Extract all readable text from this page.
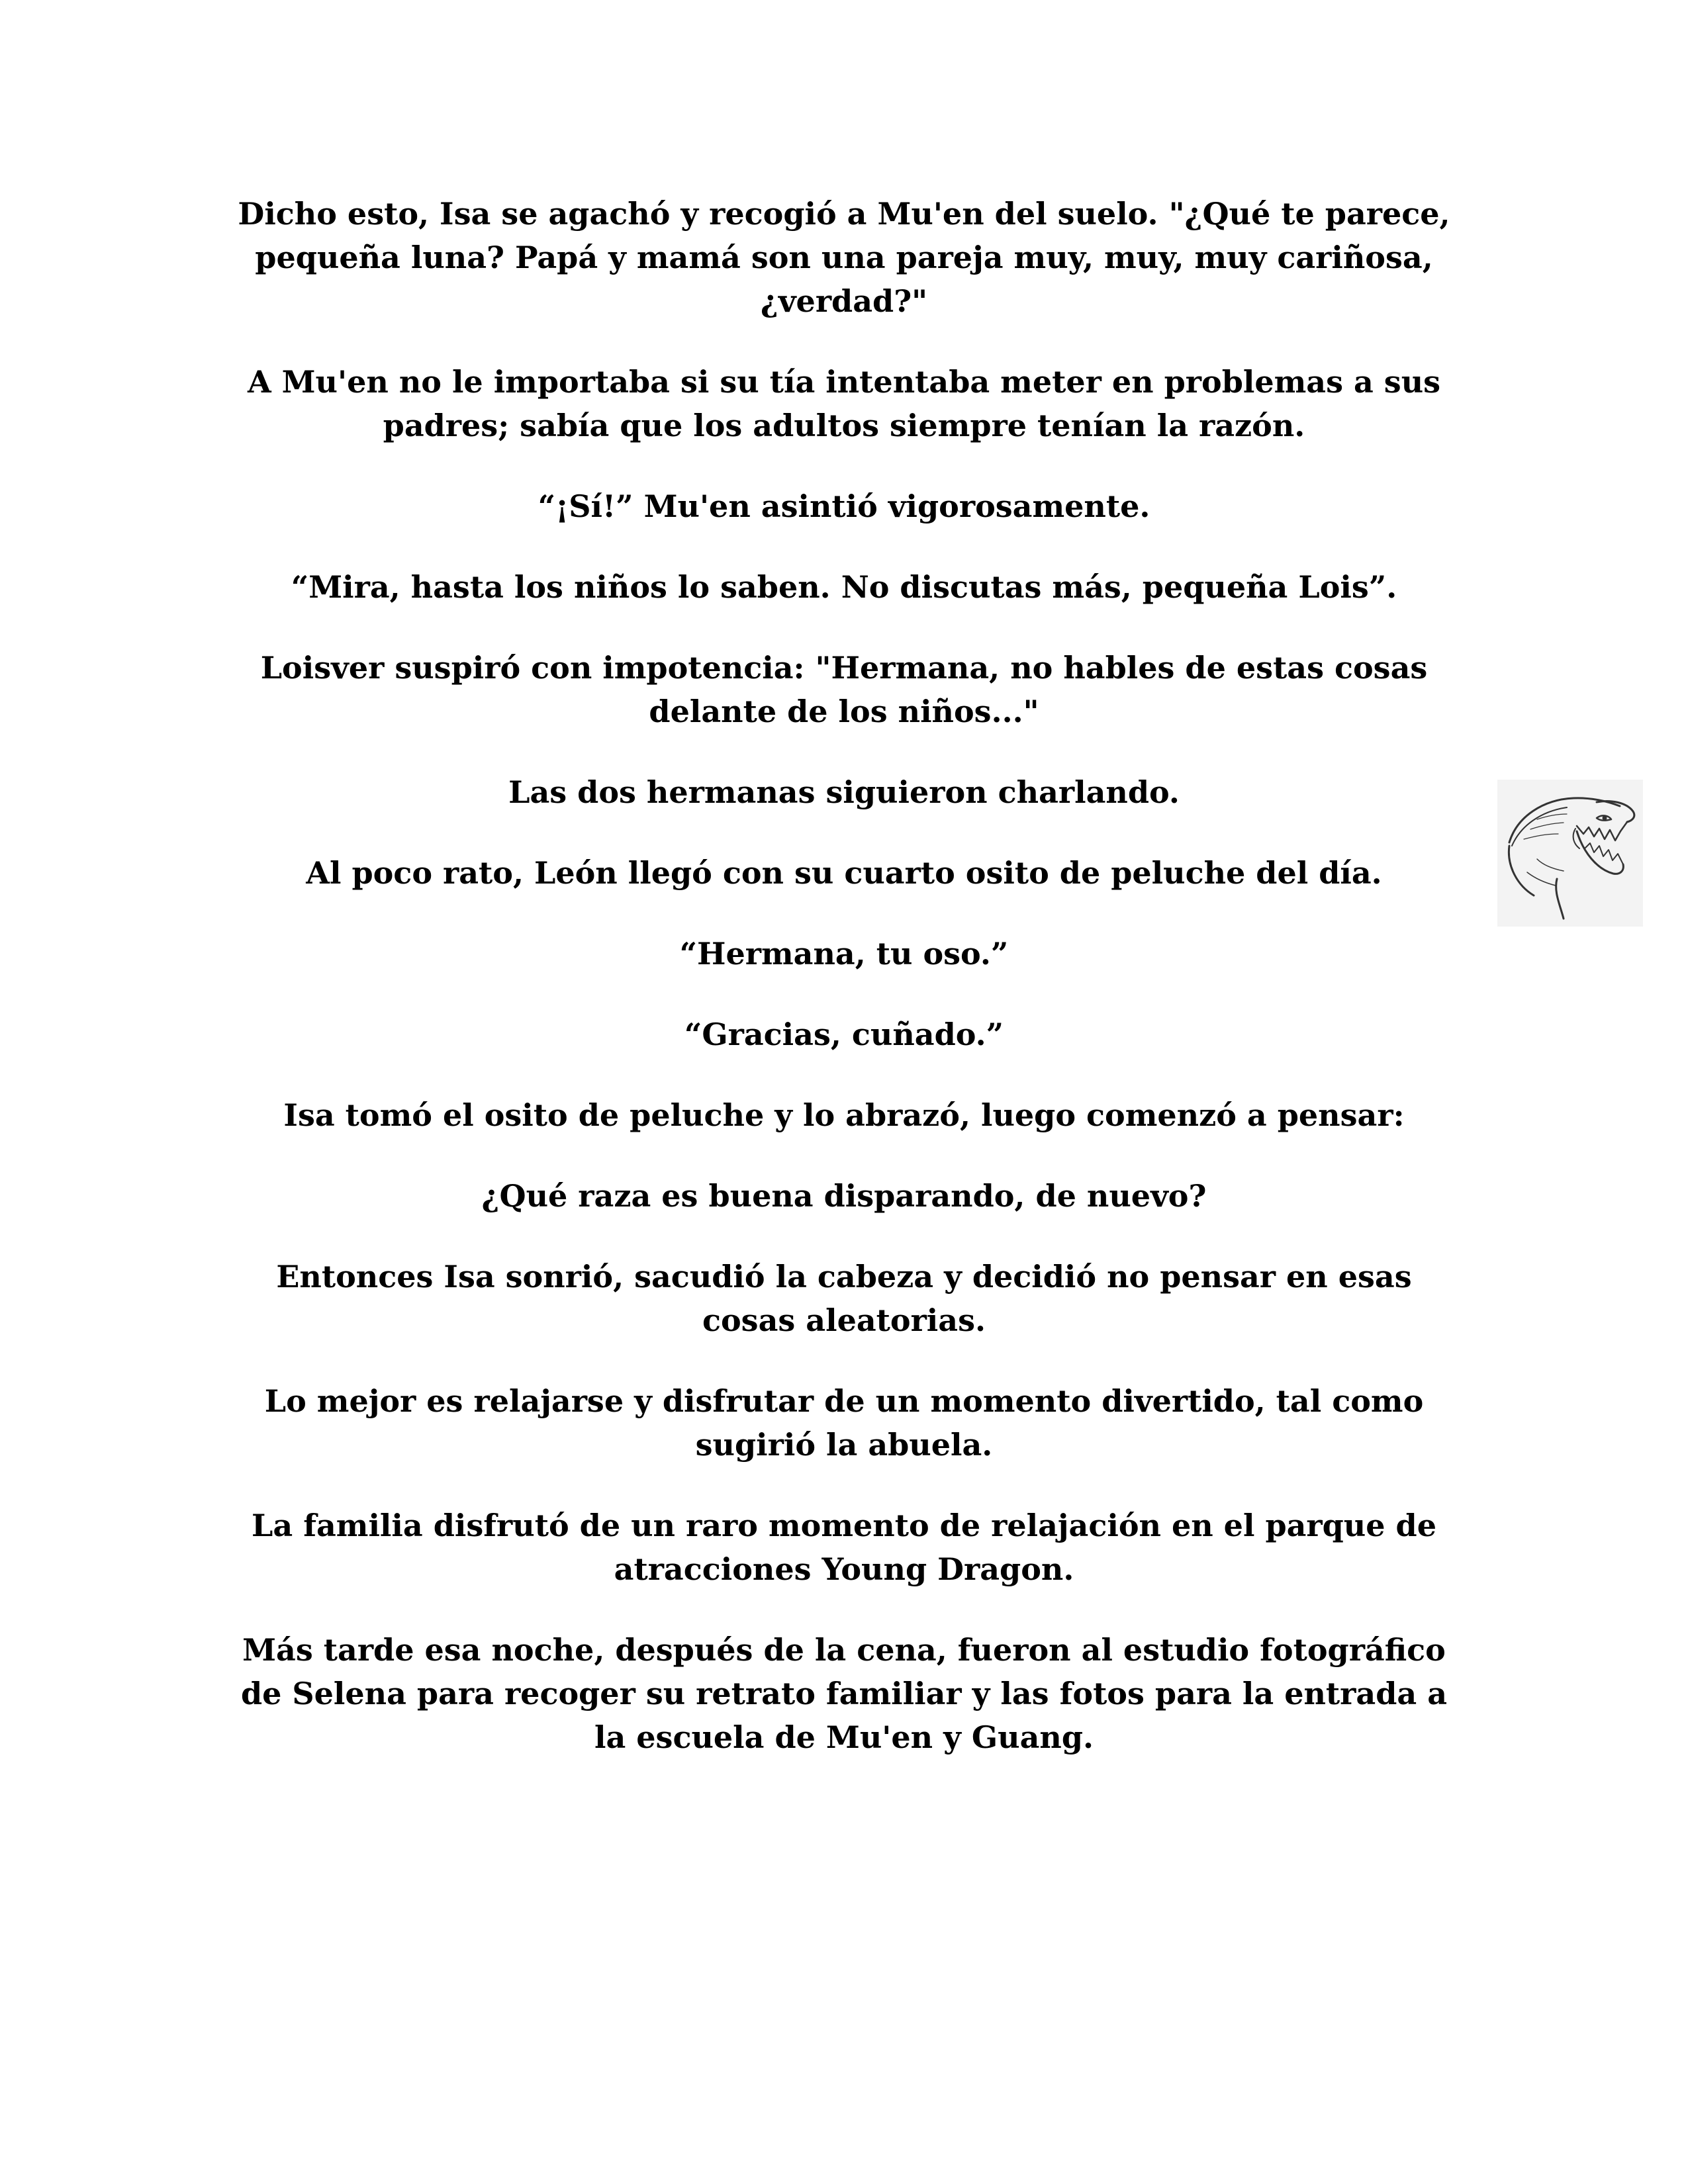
Dicho esto, Isa se agachó y recogió a Mu'en del suelo. "¿Qué te parece, pequeña luna? Papá y mamá son una pareja muy, muy, muy cariñosa, ¿verdad?"

A Mu'en no le importaba si su tía intentaba meter en problemas a sus padres; sabía que los adultos siempre tenían la razón.

“¡Sí!” Mu'en asintió vigorosamente.

“Mira, hasta los niños lo saben. No discutas más, pequeña Lois”.

Loisver suspiró con impotencia: "Hermana, no hables de estas cosas delante de los niños..."

Las dos hermanas siguieron charlando.

Al poco rato, León llegó con su cuarto osito de peluche del día.

“Hermana, tu oso.”

“Gracias, cuñado.”

Isa tomó el osito de peluche y lo abrazó, luego comenzó a pensar:

¿Qué raza es buena disparando, de nuevo?

Entonces Isa sonrió, sacudió la cabeza y decidió no pensar en esas cosas aleatorias.

Lo mejor es relajarse y disfrutar de un momento divertido, tal como sugirió la abuela.

La familia disfrutó de un raro momento de relajación en el parque de atracciones Young Dragon.

Más tarde esa noche, después de la cena, fueron al estudio fotográfico de Selena para recoger su retrato familiar y las fotos para la entrada a la escuela de Mu'en y Guang.
